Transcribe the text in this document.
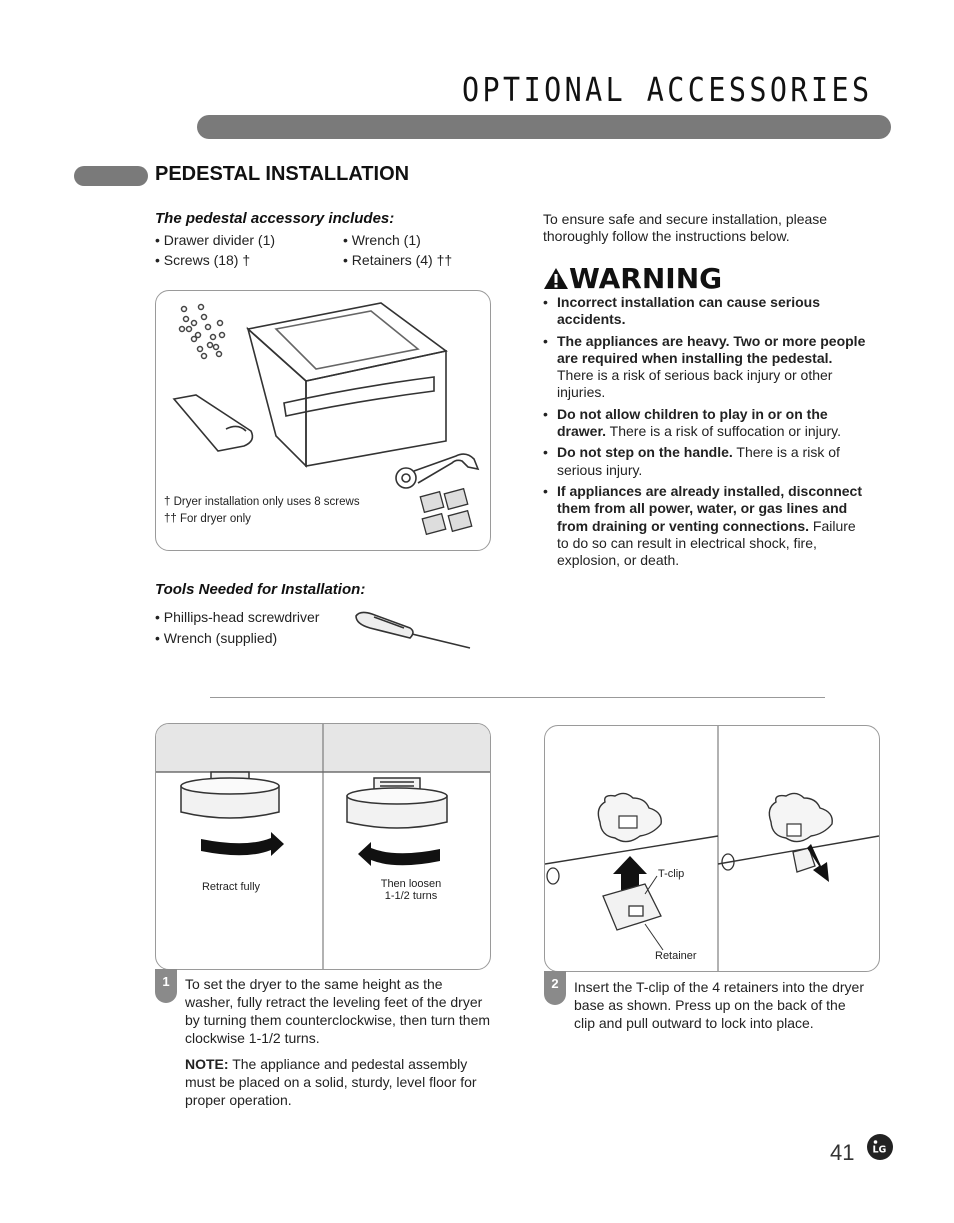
OPTIONAL ACCESSORIES
PEDESTAL INSTALLATION
The pedestal accessory includes:
• Drawer divider (1)
• Screws (18) †
• Wrench (1)
• Retainers (4) ††
† Dryer installation only uses 8 screws
†† For dryer only
Tools Needed for Installation:
• Phillips-head screwdriver
• Wrench (supplied)
To ensure safe and secure installation, please thoroughly follow the instructions below.
WARNING
• Incorrect installation can cause serious accidents.
• The appliances are heavy. Two or more people are required when installing the pedestal. There is a risk of serious back injury or other injuries.
• Do not allow children to play in or on the drawer. There is a risk of suffocation or injury.
• Do not step on the handle. There is a risk of serious injury.
• If appliances are already installed, disconnect them from all power, water, or gas lines and from draining or venting connections. Failure to do so can result in electrical shock, fire, explosion, or death.
Retract fully	Then loosen
1-1/2 turns
1	To set the dryer to the same height as the washer, fully retract the leveling feet of the dryer by turning them counterclockwise, then turn them clockwise 1-1/2 turns.
NOTE: The appliance and pedestal assembly must be placed on a solid, sturdy, level floor for proper operation.
T-clip
Retainer
2	Insert the T-clip of the 4 retainers into the dryer base as shown. Press up on the back of the clip and pull outward to lock into place.
41 LG
